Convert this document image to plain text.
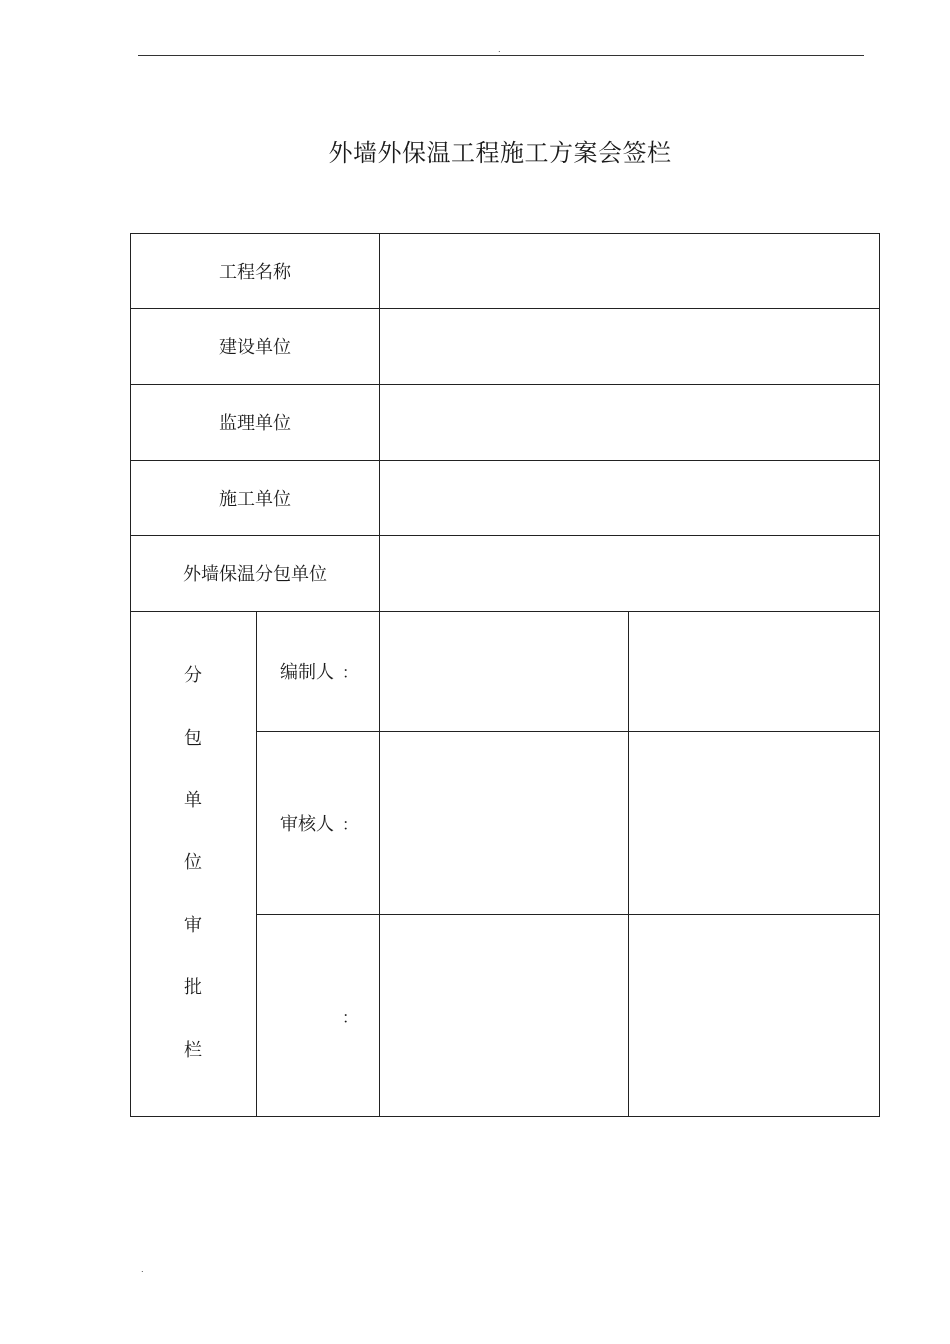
.
外墙外保温工程施工方案会签栏
工程名称
建设单位
监理单位
施工单位
外墙保温分包单位
分
包
单
位
审
批
栏
编制人 ：
审核人 ：
：
.
